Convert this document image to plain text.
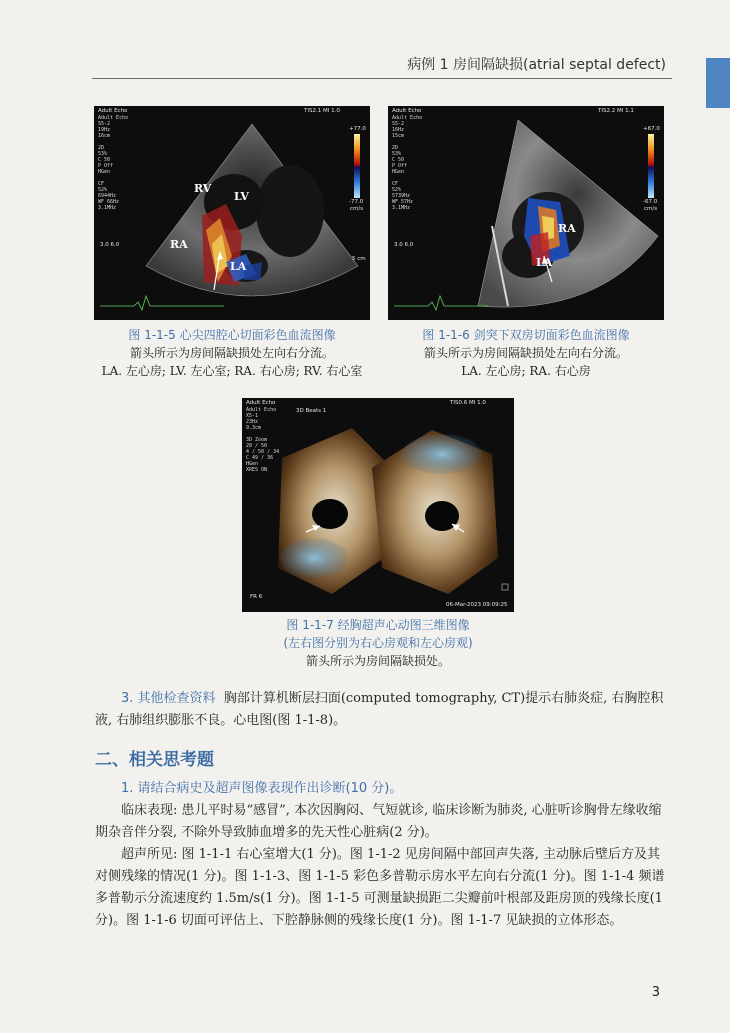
病例 1 房间隔缺损(atrial septal defect)
Adult Echo
Adult Echo
S5-2
19Hz
16cm

2D
53%
C 50
P Off
HGen

CF
52%
6944Hz
WF 66Hz
3.1MHz
TIS2.1 MI 1.0
+77.0
-77.0
cm/s
5 cm
3.0 6.0
RV
LV
RA
LA
图 1-1-5 心尖四腔心切面彩色血流图像
箭头所示为房间隔缺损处左向右分流。
LA. 左心房; LV. 左心室; RA. 右心房; RV. 右心室
Adult Echo
Adult Echo
S5-2
16Hz
15cm

2D
53%
C 50
P Off
HGen

CF
52%
5739Hz
WF 57Hz
3.1MHz
TIS2.2 MI 1.1
+67.0
-67.0
cm/s
3.0 6.0
RA
LA
图 1-1-6 剑突下双房切面彩色血流图像
箭头所示为房间隔缺损处左向右分流。
LA. 左心房; RA. 右心房
Adult Echo
Adult Echo
X5-1
23Hz
9.3cm

3D Zoom
20 / 50
4 / 50 / 34
C 49 / 36
HGen
XRES ON
3D Beats 1
TIS0.6 MI 1.0
FR 6
06-Mar-2023 09:09:25
图 1-1-7 经胸超声心动图三维图像
(左右图分别为右心房观和左心房观)
箭头所示为房间隔缺损处。
3. 其他检查资料 胸部计算机断层扫面(computed tomography, CT)提示右肺炎症, 右胸腔积液, 右肺组织膨胀不良。心电图(图 1-1-8)。
二、相关思考题
1. 请结合病史及超声图像表现作出诊断(10 分)。
临床表现: 患儿平时易“感冒”, 本次因胸闷、气短就诊, 临床诊断为肺炎, 心脏听诊胸骨左缘收缩期杂音伴分裂, 不除外导致肺血增多的先天性心脏病(2 分)。
超声所见: 图 1-1-1 右心室增大(1 分)。图 1-1-2 见房间隔中部回声失落, 主动脉后壁后方及其对侧残缘的情况(1 分)。图 1-1-3、图 1-1-5 彩色多普勒示房水平左向右分流(1 分)。图 1-1-4 频谱多普勒示分流速度约 1.5m/s(1 分)。图 1-1-5 可测量缺损距二尖瓣前叶根部及距房顶的残缘长度(1 分)。图 1-1-6 切面可评估上、下腔静脉侧的残缘长度(1 分)。图 1-1-7 见缺损的立体形态。
3
